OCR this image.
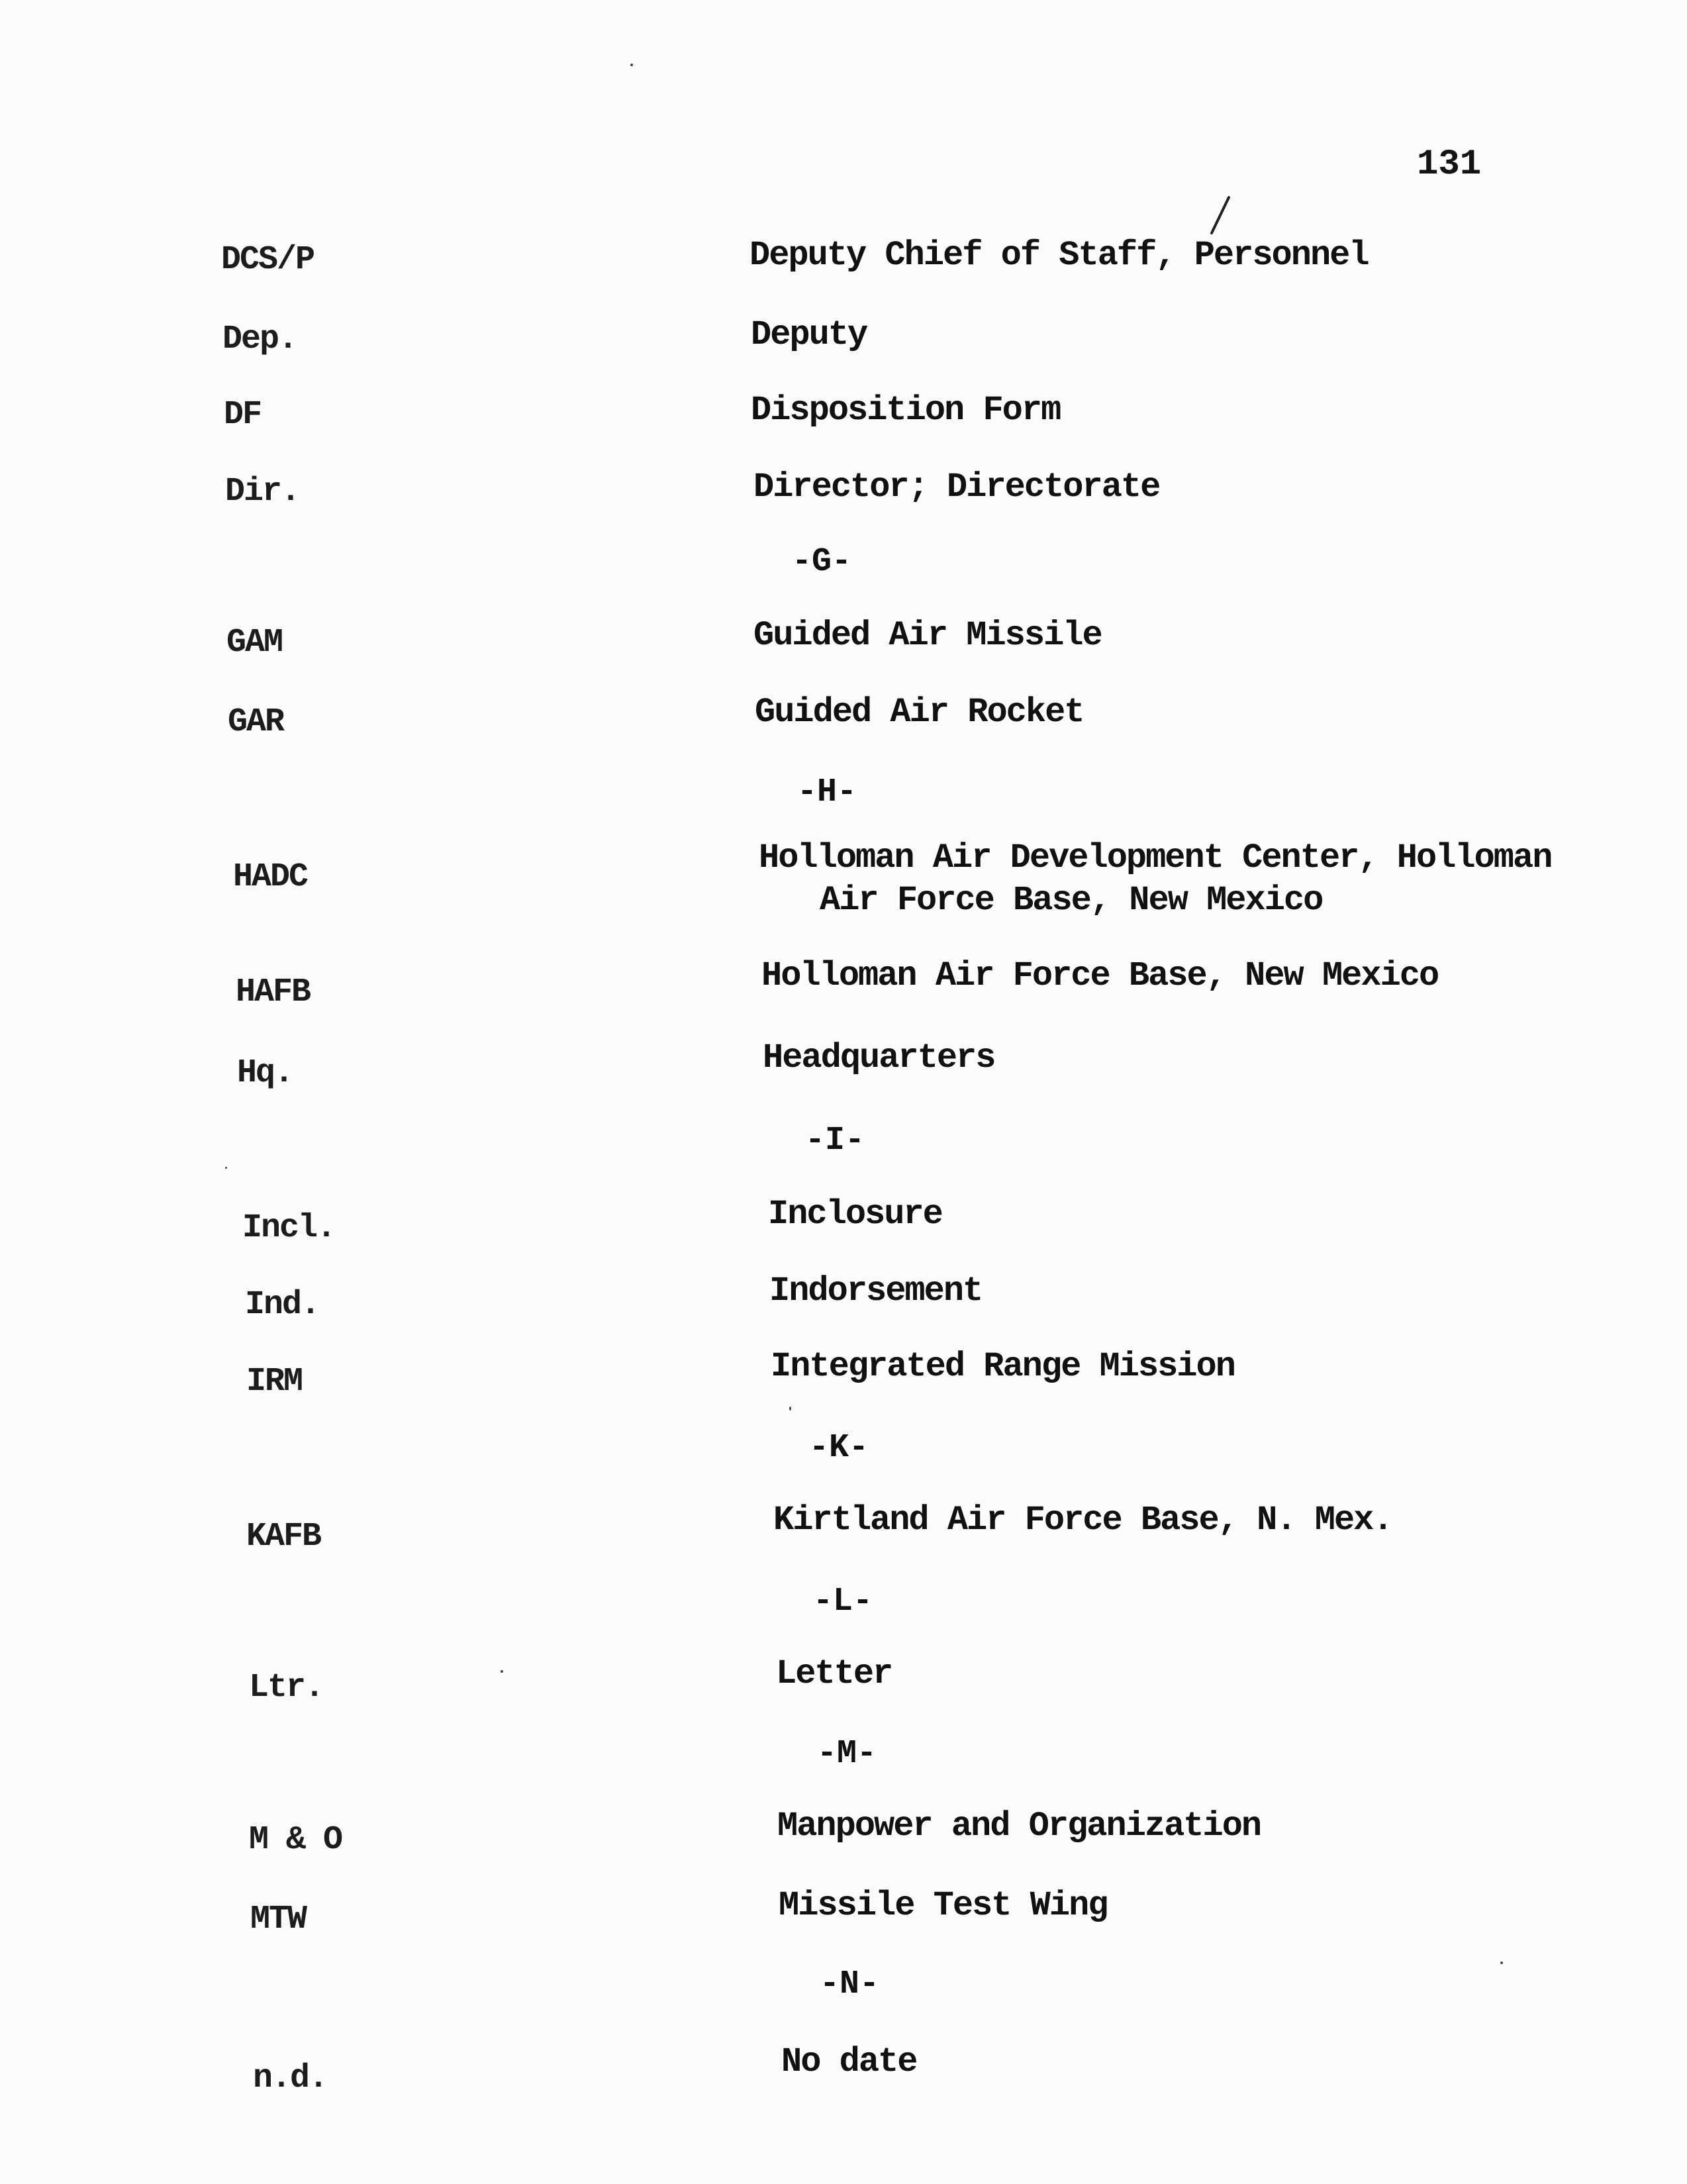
131
DCS/P	Deputy Chief of Staff, Personnel
Dep.	Deputy
DF	Disposition Form
Dir.	Director; Directorate
-G-
GAM	Guided Air Missile
GAR	Guided Air Rocket
-H-
HADC	Holloman Air Development Center, Holloman
Air Force Base, New Mexico
HAFB	Holloman Air Force Base, New Mexico
Hq.	Headquarters
-I-
Incl.	Inclosure
Ind.	Indorsement
IRM	Integrated Range Mission
-K-
KAFB	Kirtland Air Force Base, N. Mex.
-L-
Ltr.	Letter
-M-
M & O	Manpower and Organization
MTW	Missile Test Wing
-N-
n.d.	No date
